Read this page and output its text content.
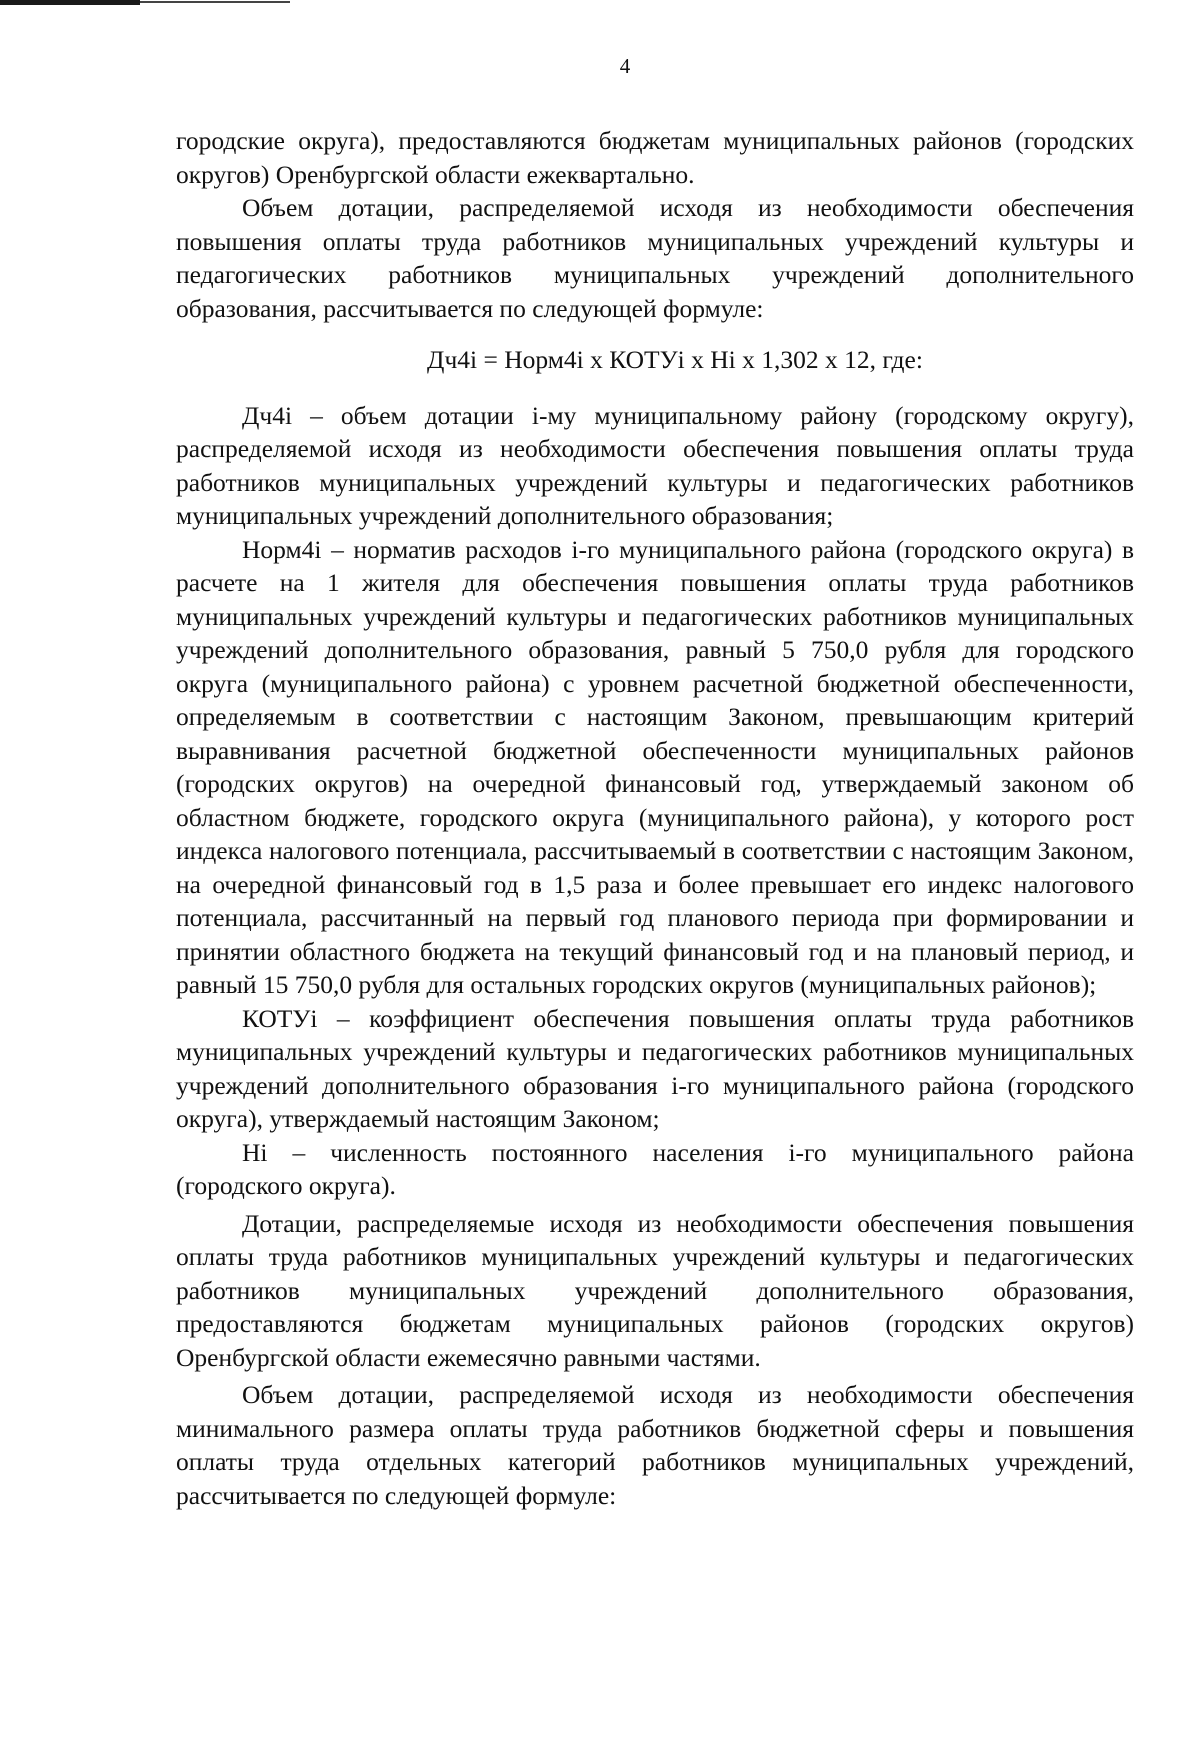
4

городские округа), предоставляются бюджетам муниципальных районов (городских округов) Оренбургской области ежеквартально.

Объем дотации, распределяемой исходя из необходимости обеспечения повышения оплаты труда работников муниципальных учреждений культуры и педагогических работников муниципальных учреждений дополнительного образования, рассчитывается по следующей формуле:

Дч4i = Норм4i х КОТУi х Нi х 1,302 х 12, где:

Дч4i – объем дотации i-му муниципальному району (городскому округу), распределяемой исходя из необходимости обеспечения повышения оплаты труда работников муниципальных учреждений культуры и педагогических работников муниципальных учреждений дополнительного образования;

Норм4i – норматив расходов i-го муниципального района (городского округа) в расчете на 1 жителя для обеспечения повышения оплаты труда работников муниципальных учреждений культуры и педагогических работников муниципальных учреждений дополнительного образования, равный 5 750,0 рубля для городского округа (муниципального района) с уровнем расчетной бюджетной обеспеченности, определяемым в соответствии с настоящим Законом, превышающим критерий выравнивания расчетной бюджетной обеспеченности муниципальных районов (городских округов) на очередной финансовый год, утверждаемый законом об областном бюджете, городского округа (муниципального района), у которого рост индекса налогового потенциала, рассчитываемый в соответствии с настоящим Законом, на очередной финансовый год в 1,5 раза и более превышает его индекс налогового потенциала, рассчитанный на первый год планового периода при формировании и принятии областного бюджета на текущий финансовый год и на плановый период, и равный 15 750,0 рубля для остальных городских округов (муниципальных районов);

КОТУi – коэффициент обеспечения повышения оплаты труда работников муниципальных учреждений культуры и педагогических работников муниципальных учреждений дополнительного образования i-го муниципального района (городского округа), утверждаемый настоящим Законом;

Нi – численность постоянного населения i-го муниципального района (городского округа).

Дотации, распределяемые исходя из необходимости обеспечения повышения оплаты труда работников муниципальных учреждений культуры и педагогических работников муниципальных учреждений дополнительного образования, предоставляются бюджетам муниципальных районов (городских округов) Оренбургской области ежемесячно равными частями.

Объем дотации, распределяемой исходя из необходимости обеспечения минимального размера оплаты труда работников бюджетной сферы и повышения оплаты труда отдельных категорий работников муниципальных учреждений, рассчитывается по следующей формуле:
